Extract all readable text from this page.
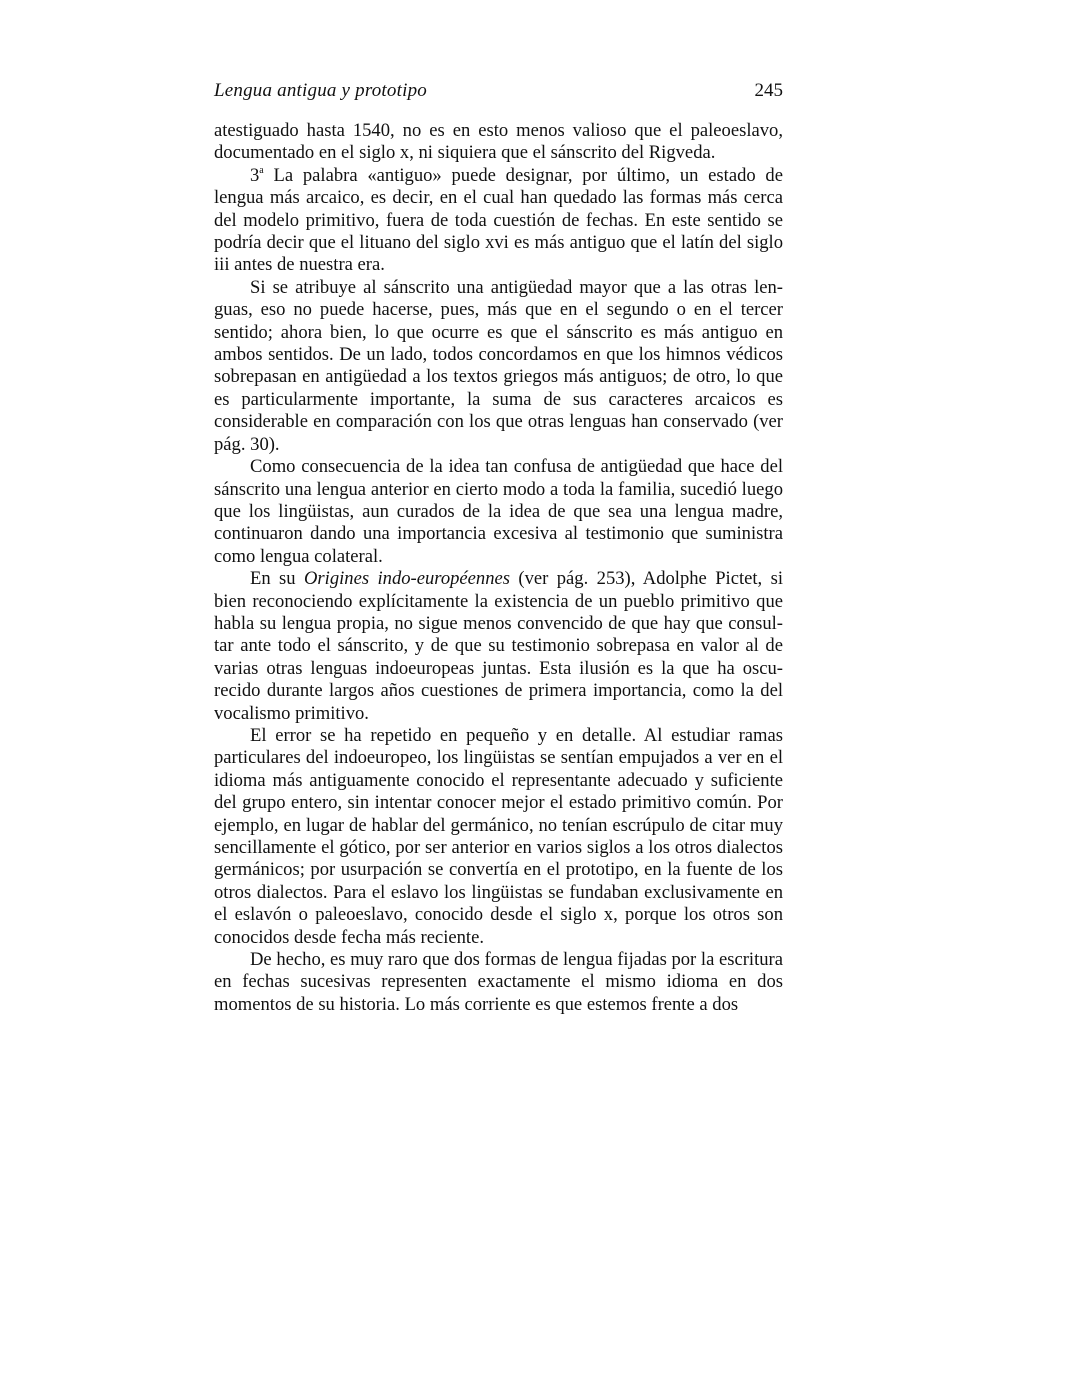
Lengua antigua y prototipo	245

atestiguado hasta 1540, no es en esto menos valioso que el paleoeslavo, documentado en el siglo x, ni siquiera que el sánscrito del Rigveda.

3$^a$ La palabra «antiguo» puede designar, por último, un estado de lengua más arcaico, es decir, en el cual han quedado las formas más cerca del modelo primitivo, fuera de toda cuestión de fechas. En este sentido se podría decir que el lituano del siglo xvi es más antiguo que el latín del siglo iii antes de nuestra era.

Si se atribuye al sánscrito una antigüedad mayor que a las otras lenguas, eso no puede hacerse, pues, más que en el segundo o en el tercer sentido; ahora bien, lo que ocurre es que el sánscrito es más antiguo en ambos sentidos. De un lado, todos concordamos en que los himnos védicos sobrepasan en antigüedad a los textos griegos más antiguos; de otro, lo que es particularmente importante, la suma de sus caracteres arcaicos es considerable en comparación con los que otras lenguas han conservado (ver pág. 30).

Como consecuencia de la idea tan confusa de antigüedad que hace del sánscrito una lengua anterior en cierto modo a toda la familia, sucedió luego que los lingüistas, aun curados de la idea de que sea una lengua madre, continuaron dando una importancia excesiva al testimonio que suministra como lengua colateral.

En su Origines indo-européennes (ver pág. 253), Adolphe Pictet, si bien reconociendo explícitamente la existencia de un pueblo primitivo que habla su lengua propia, no sigue menos convencido de que hay que consultar ante todo el sánscrito, y de que su testimonio sobrepasa en valor al de varias otras lenguas indoeuropeas juntas. Esta ilusión es la que ha oscurecido durante largos años cuestiones de primera importancia, como la del vocalismo primitivo.

El error se ha repetido en pequeño y en detalle. Al estudiar ramas particulares del indoeuropeo, los lingüistas se sentían empujados a ver en el idioma más antiguamente conocido el representante adecuado y suficiente del grupo entero, sin intentar conocer mejor el estado primitivo común. Por ejemplo, en lugar de hablar del germánico, no tenían escrúpulo de citar muy sencillamente el gótico, por ser anterior en varios siglos a los otros dialectos germánicos; por usurpación se convertía en el prototipo, en la fuente de los otros dialectos. Para el eslavo los lingüistas se fundaban exclusivamente en el eslavón o paleoeslavo, conocido desde el siglo x, porque los otros son conocidos desde fecha más reciente.

De hecho, es muy raro que dos formas de lengua fijadas por la escritura en fechas sucesivas representen exactamente el mismo idioma en dos momentos de su historia. Lo más corriente es que estemos frente a dos
